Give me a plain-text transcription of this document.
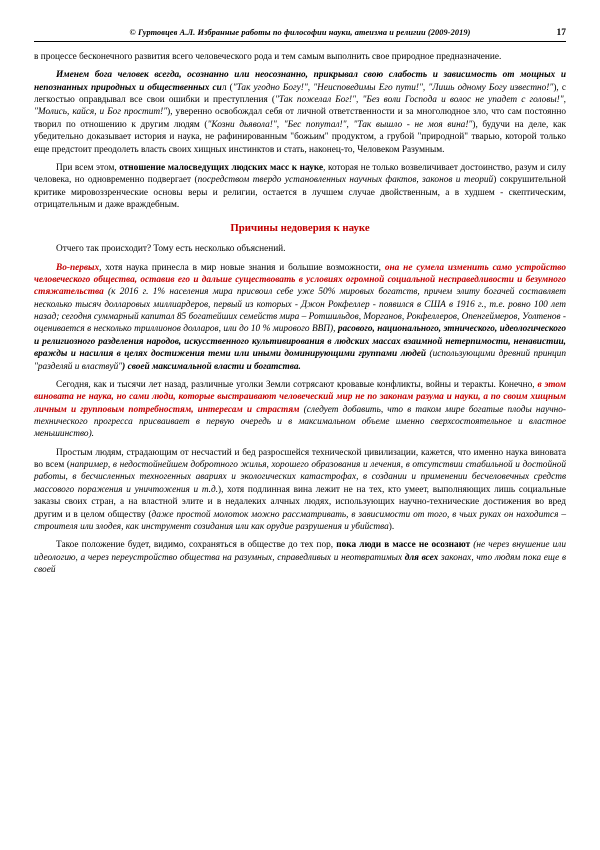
© Гуртовцев А.Л. Избранные работы по философии науки, атеизма и религии (2009-2019)	17

в процессе бесконечного развития всего человеческого рода и тем самым выполнить свое природное предназначение.

Именем бога человек всегда, осознанно или неосознанно, прикрывал свою слабость и зависимость от мощных и непознанных природных и общественных сил ("Так угодно Богу!", "Неисповедимы Его пути!", "Лишь одному Богу известно!"), с легкостью оправдывал все свои ошибки и преступления ("Так пожелал Бог!", "Без воли Господа и волос не упадет с головы!", "Молись, кайся, и Бог простит!"), уверенно освобождал себя от личной ответственности и за многолюдное зло, что сам постоянно творил по отношению к другим людям ("Козни дьявола!", "Бес попутал!", "Так вышло - не моя вина!"), будучи на деле, как убедительно доказывает история и наука, не рафинированным "божьим" продуктом, а грубой "природной" тварью, которой только еще предстоит преодолеть власть своих хищных инстинктов и стать, наконец-то, Человеком Разумным.

При всем этом, отношение малосведущих людских масс к науке, которая не только возвеличивает достоинство, разум и силу человека, но одновременно подвергает (посредством твердо установленных научных фактов, законов и теорий) сокрушительной критике мировоззренческие основы веры и религии, остается в лучшем случае двойственным, а в худшем - скептическим, отрицательным и даже враждебным.

Причины недоверия к науке

Отчего так происходит? Тому есть несколько объяснений.

Во-первых, хотя наука принесла в мир новые знания и большие возможности, она не сумела изменить само устройство человеческого общества, оставив его и дальше существовать в условиях огромной социальной несправедливости и безумного стяжательства (к 2016 г. 1% населения мира присвоил себе уже 50% мировых богатств, причем элиту богачей составляет несколько тысяч долларовых миллиардеров, первый из которых - Джон Рокфеллер - появился в США в 1916 г., т.е. ровно 100 лет назад; сегодня суммарный капитал 85 богатейших семейств мира – Ротшильдов, Морганов, Рокфеллеров, Опенгеймеров, Уолтенов - оценивается в несколько триллионов долларов, или до 10 % мирового ВВП), расового, национального, этнического, идеологического и религиозного разделения народов, искусственного культивирования в людских массах взаимной нетерпимости, ненавистии, вражды и насилия в целях достижения теми или иными доминирующими группами людей (использующими древний принцип "разделяй и властвуй") своей максимальной власти и богатства.

Сегодня, как и тысячи лет назад, различные уголки Земли сотрясают кровавые конфликты, войны и теракты. Конечно, в этом виновата не наука, но сами люди, которые выстраивают человеческий мир не по законам разума и науки, а по своим хищным личным и групповым потребностям, интересам и страстям (следует добавить, что в таком мире богатые плоды научно-технического прогресса присваивает в первую очередь и в максимальном объеме именно сверхсостоятельное и властное меньшинство).

Простым людям, страдающим от несчастий и бед разросшейся технической цивилизации, кажется, что именно наука виновата во всем (например, в недостойнейшем добротного жилья, хорошего образования и лечения, в отсутствии стабильной и достойной работы, в бесчисленных техногенных авариях и экологических катастрофах, в создании и применении бесчеловечных средств массового поражения и уничтожения и т.д.), хотя подлинная вина лежит не на тех, кто умеет, выполняющих лишь социальные заказы своих стран, а на властной элите и в недалеких алчных людях, использующих научно-технические достижения во вред другим и в целом обществу (даже простой молоток можно рассматривать, в зависимости от того, в чьих руках он находится – строителя или злодея, как инструмент созидания или как орудие разрушения и убийства).

Такое положение будет, видимо, сохраняться в обществе до тех пор, пока люди в массе не осознают (не через внушение или идеологию, а через переустройство общества на разумных, справедливых и неотвратимых для всех законах, что людям пока еще в своей
